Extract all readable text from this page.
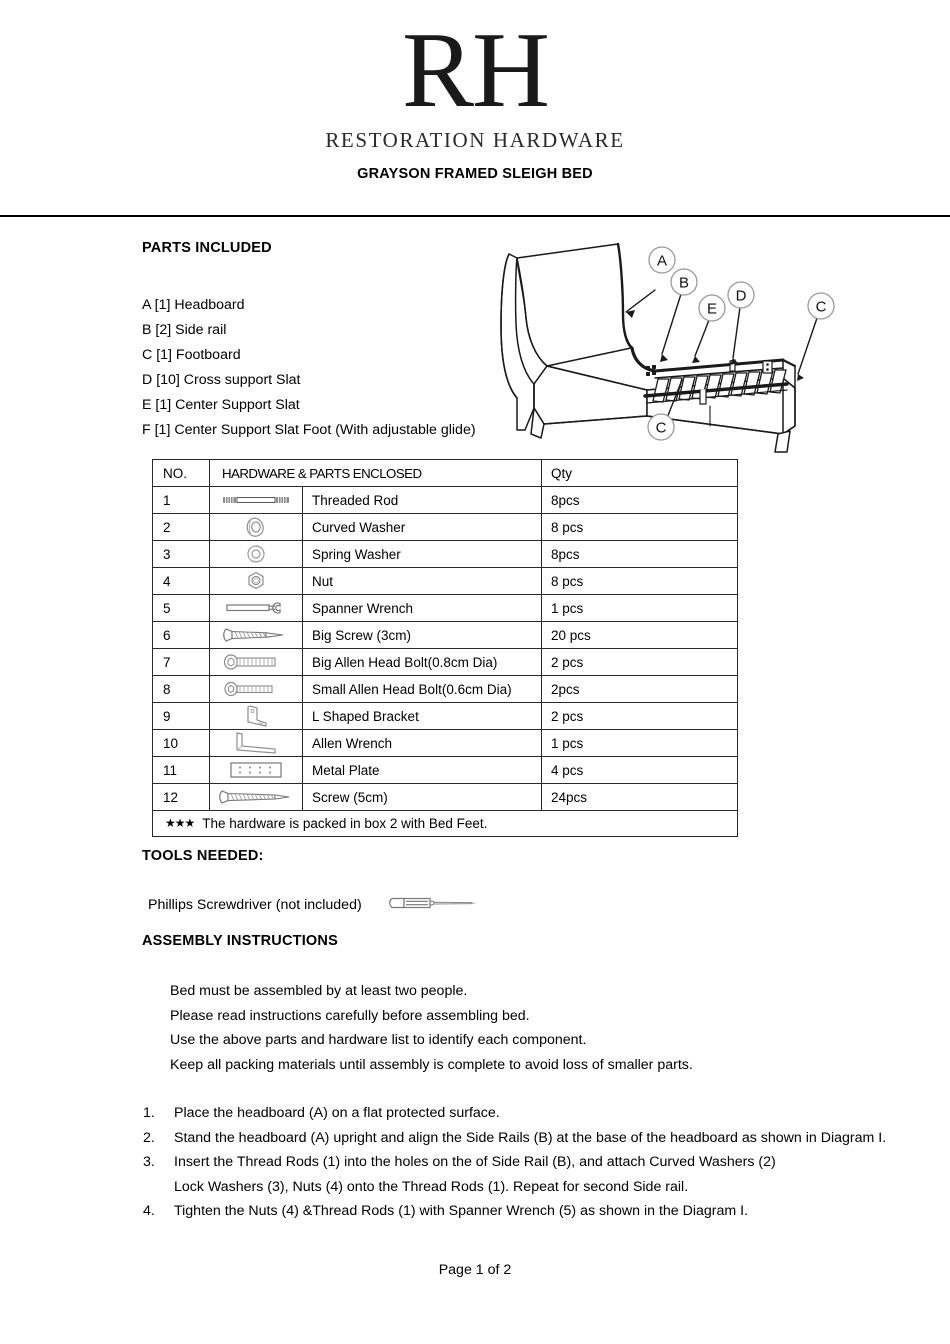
RH
RESTORATION HARDWARE
GRAYSON FRAMED SLEIGH BED
PARTS INCLUDED
A [1] Headboard
B [2] Side rail
C [1] Footboard
D [10] Cross support Slat
E [1] Center Support Slat
F [1] Center Support Slat Foot (With adjustable glide)
A
B
E
D
C
C
NO.	HARDWARE & PARTS ENCLOSED		Qty
1		Threaded Rod	8pcs
2		Curved Washer	8 pcs
3		Spring Washer	8pcs
4		Nut	8 pcs
5		Spanner Wrench	1 pcs
6		Big Screw (3cm)	20 pcs
7		Big Allen Head Bolt(0.8cm Dia)	2 pcs
8		Small Allen Head Bolt(0.6cm Dia)	2pcs
9		L Shaped Bracket	2 pcs
10		Allen Wrench	1 pcs
11		Metal Plate	4 pcs
12		Screw (5cm)	24pcs
★★★ The hardware is packed in box 2 with Bed Feet.			
TOOLS NEEDED:
Phillips Screwdriver (not included)
ASSEMBLY INSTRUCTIONS
Bed must be assembled by at least two people.
Please read instructions carefully before assembling bed.
Use the above parts and hardware list to identify each component.
Keep all packing materials until assembly is complete to avoid loss of smaller parts.
1.	Place the headboard (A) on a flat protected surface.
2.	Stand the headboard (A) upright and align the Side Rails (B) at the base of the headboard as shown in Diagram I.
3.	Insert the Thread Rods (1) into the holes on the of Side Rail (B), and attach Curved Washers (2)
Lock Washers (3), Nuts (4) onto the Thread Rods (1). Repeat for second Side rail.
4.	Tighten the Nuts (4) &Thread Rods (1) with Spanner Wrench (5) as shown in the Diagram I.
Page 1 of 2
